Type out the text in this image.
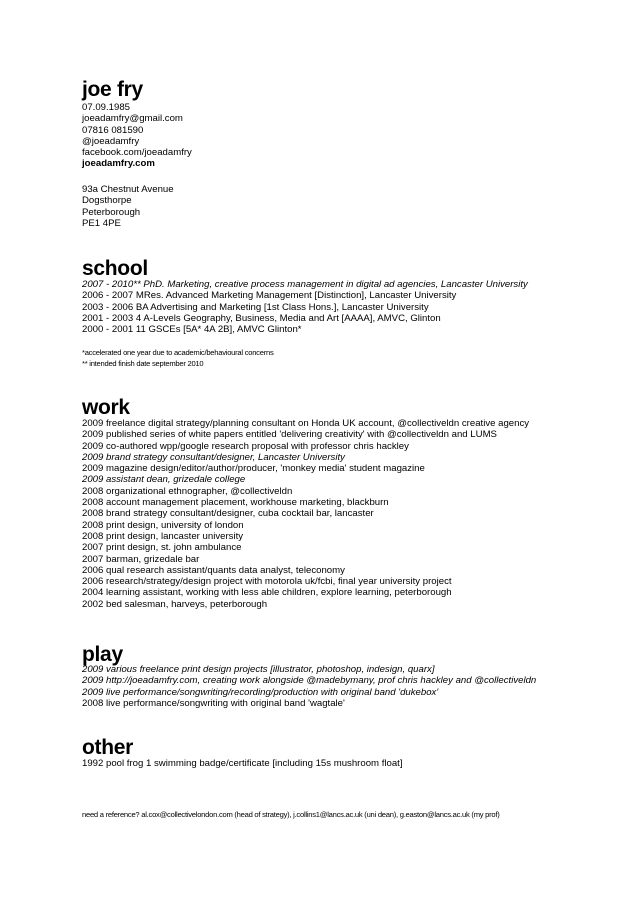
joe fry
07.09.1985
joeadamfry@gmail.com
07816 081590
@joeadamfry
facebook.com/joeadamfry
joeadamfry.com
93a Chestnut Avenue
Dogsthorpe
Peterborough
PE1 4PE
school
2007 - 2010** PhD. Marketing, creative process management in digital ad agencies, Lancaster University
2006 - 2007 MRes. Advanced Marketing Management [Distinction], Lancaster University
2003 - 2006 BA Advertising and Marketing [1st Class Hons.], Lancaster University
2001 - 2003 4 A-Levels Geography, Business, Media and Art [AAAA], AMVC, Glinton
2000 - 2001 11 GSCEs [5A* 4A 2B], AMVC Glinton*
*accelerated one year due to academic/behavioural concerns
** intended finish date september 2010
work
2009 freelance digital strategy/planning consultant on Honda UK account, @collectiveldn creative agency
2009 published series of white papers entitled 'delivering creativity' with @collectiveldn and LUMS
2009 co-authored wpp/google research proposal with professor chris hackley
2009 brand strategy consultant/designer, Lancaster University
2009 magazine design/editor/author/producer, 'monkey media' student magazine
2009 assistant dean, grizedale college
2008 organizational ethnographer, @collectiveldn
2008 account management placement, workhouse marketing, blackburn
2008 brand strategy consultant/designer, cuba cocktail bar, lancaster
2008 print design, university of london
2008 print design, lancaster university
2007 print design, st. john ambulance
2007 barman, grizedale bar
2006 qual research assistant/quants data analyst, teleconomy
2006 research/strategy/design project with motorola uk/fcbi, final year university project
2004 learning assistant, working with less able children, explore learning, peterborough
2002 bed salesman, harveys, peterborough
play
2009 various freelance print design projects [illustrator, photoshop, indesign, quarx]
2009 http://joeadamfry.com, creating work alongside @madebymany, prof chris hackley and @collectiveldn
2009 live performance/songwriting/recording/production with original band 'dukebox'
2008 live performance/songwriting with original band 'wagtale'
other
1992 pool frog 1 swimming badge/certificate [including 15s mushroom float]

need a reference? al.cox@collectivelondon.com (head of strategy), j.collins1@lancs.ac.uk (uni dean), g.easton@lancs.ac.uk (my prof)
